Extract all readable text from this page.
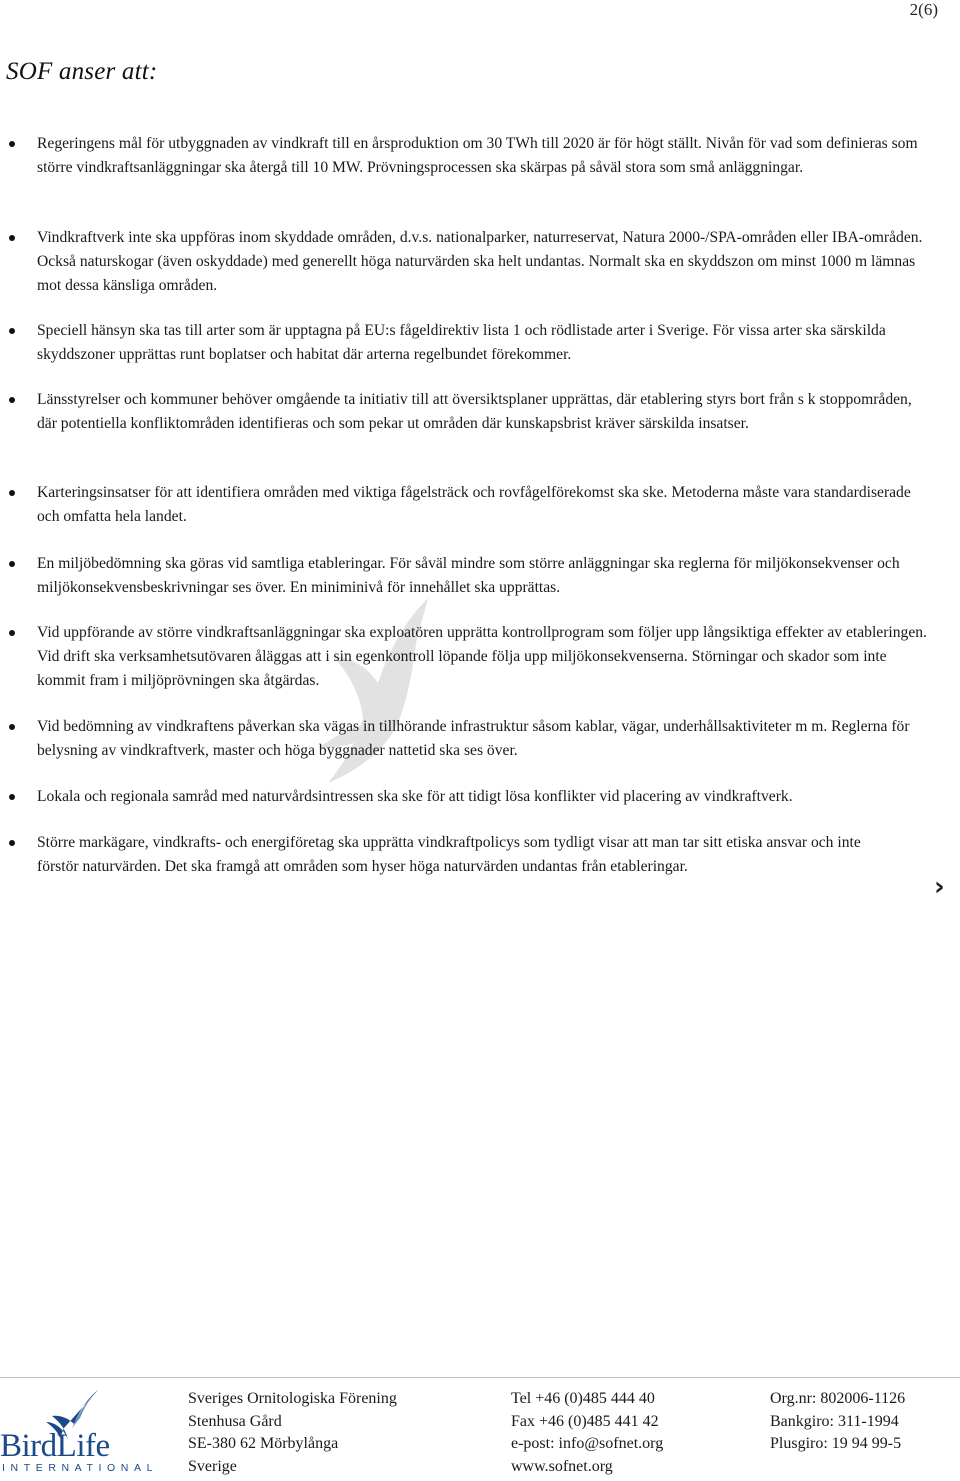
2(6)
SOF anser att:
Regeringens mål för utbyggnaden av vindkraft till en årsproduktion om 30 TWh till 2020 är för högt ställt. Nivån för vad som definieras som större vindkraftsanläggningar ska återgå till 10 MW. Prövningsprocessen ska skärpas på såväl stora som små anläggningar.
Vindkraftverk inte ska uppföras inom skyddade områden, d.v.s. nationalparker, naturreservat, Natura 2000-/SPA-områden eller IBA-områden. Också naturskogar (även oskyddade) med generellt höga naturvärden ska helt undantas. Normalt ska en skyddszon om minst 1000 m lämnas mot dessa känsliga områden.
Speciell hänsyn ska tas till arter som är upptagna på EU:s fågeldirektiv lista 1 och rödlistade arter i Sverige. För vissa arter ska särskilda skyddszoner upprättas runt boplatser och habitat där arterna regelbundet förekommer.
Länsstyrelser och kommuner behöver omgående ta initiativ till att översiktsplaner upprättas, där etablering styrs bort från s k stoppområden, där potentiella konfliktområden identifieras och som pekar ut områden där kunskapsbrist kräver särskilda insatser.
Karteringsinsatser för att identifiera områden med viktiga fågelsträck och rovfågelförekomst ska ske. Metoderna måste vara standardiserade och omfatta hela landet.
En miljöbedömning ska göras vid samtliga etableringar. För såväl mindre som större anläggningar ska reglerna för miljökonsekvenser och miljökonsekvensbeskrivningar ses över. En miniminivå för innehållet ska upprättas.
Vid uppförande av större vindkraftsanläggningar ska exploatören upprätta kontrollprogram som följer upp långsiktiga effekter av etableringen. Vid drift ska verksamhetsutövaren åläggas att i sin egenkontroll löpande följa upp miljökonsekvenserna. Störningar och skador som inte kommit fram i miljöprövningen ska åtgärdas.
Vid bedömning av vindkraftens påverkan ska vägas in tillhörande infrastruktur såsom kablar, vägar, underhållsaktiviteter m m. Reglerna för belysning av vindkraftverk, master och höga byggnader nattetid ska ses över.
Lokala och regionala samråd med naturvårdsintressen ska ske för att tidigt lösa konflikter vid placering av vindkraftverk.
Större markägare, vindkrafts- och energiföretag ska upprätta vindkraftpolicys som tydligt visar att man tar sitt etiska ansvar och inte förstör naturvärden. Det ska framgå att områden som hyser höga naturvärden undantas från etableringar.
›
BirdLife
INTERNATIONAL
Sveriges Ornitologiska Förening
Stenhusa Gård
SE-380 62 Mörbylånga
Sverige
Tel +46 (0)485 444 40
Fax +46 (0)485 441 42
e-post: info@sofnet.org
www.sofnet.org
Org.nr: 802006-1126
Bankgiro: 311-1994
Plusgiro: 19 94 99-5
